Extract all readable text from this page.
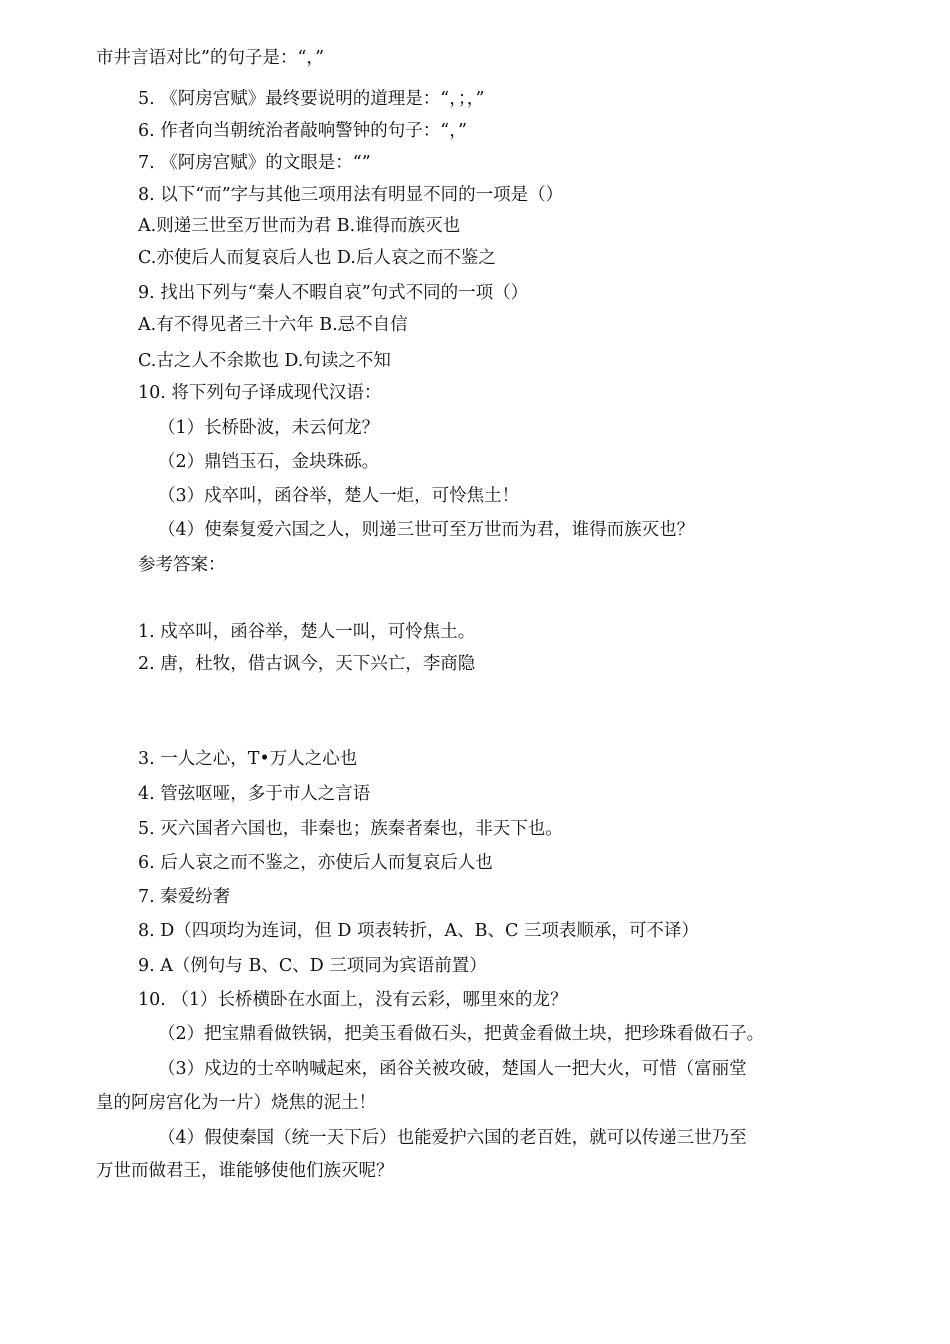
市井言语对比”的句子是：“，”
5. 《阿房宫赋》最终要说明的道理是：“，；，”
6. 作者向当朝统治者敲响警钟的句子：“，”
7. 《阿房宫赋》的文眼是：“”
8. 以下“而”字与其他三项用法有明显不同的一项是（）
A.则递三世至万世而为君 B.谁得而族灭也
C.亦使后人而复哀后人也 D.后人哀之而不鉴之
9. 找出下列与“秦人不暇自哀”句式不同的一项（）
A.有不得见者三十六年 B.忌不自信
C.古之人不余欺也 D.句读之不知
10. 将下列句子译成现代汉语：
（1）长桥卧波，未云何龙？
（2）鼎铛玉石，金块珠砾。
（3）戍卒叫，函谷举，楚人一炬，可怜焦土！
（4）使秦复爱六国之人，则递三世可至万世而为君，谁得而族灭也？
参考答案：
1. 戍卒叫，函谷举，楚人一叫，可怜焦土。
2. 唐，杜牧，借古讽今，天下兴亡，李商隐
3. 一人之心，T•万人之心也
4. 管弦呕哑，多于市人之言语
5. 灭六国者六国也，非秦也；族秦者秦也，非天下也。
6. 后人哀之而不鉴之，亦使后人而复哀后人也
7. 秦爱纷奢
8. D（四项均为连词，但 D 项表转折，A、B、C 三项表顺承，可不译）
9. A（例句与 B、C、D 三项同为宾语前置）
10. （1）长桥横卧在水面上，没有云彩，哪里來的龙？
（2）把宝鼎看做铁锅，把美玉看做石头，把黄金看做土块，把珍珠看做石子。
（3）戍边的士卒呐喊起來，函谷关被攻破，楚国人一把大火，可惜（富丽堂
皇的阿房宫化为一片）烧焦的泥土！
（4）假使秦国（统一天下后）也能爱护六国的老百姓，就可以传递三世乃至
万世而做君王，谁能够使他们族灭呢？
